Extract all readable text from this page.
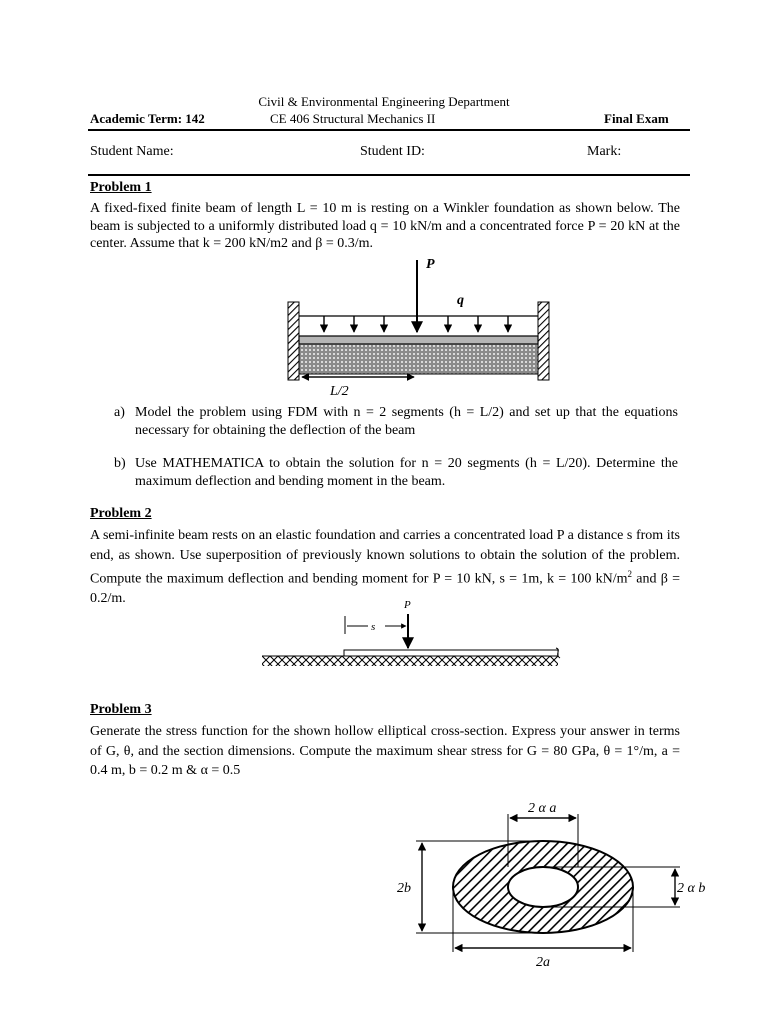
Civil & Environmental Engineering Department
Academic Term: 142	CE 406 Structural Mechanics II	Final Exam
Student Name:	Student ID:	Mark:
Problem 1
A fixed-fixed finite beam of length L = 10 m is resting on a Winkler foundation as shown below. The beam is subjected to a uniformly distributed load q = 10 kN/m and a concentrated force P = 20 kN at the center. Assume that k = 200 kN/m2 and β = 0.3/m.
P
q
L/2
a) Model the problem using FDM with n = 2 segments (h = L/2) and set up that the equations necessary for obtaining the deflection of the beam
b) Use MATHEMATICA to obtain the solution for n = 20 segments (h = L/20). Determine the maximum deflection and bending moment in the beam.
Problem 2
A semi-infinite beam rests on an elastic foundation and carries a concentrated load P a distance s from its end, as shown. Use superposition of previously known solutions to obtain the solution of the problem. Compute the maximum deflection and bending moment for P = 10 kN, s = 1m, k = 100 $kN/m^2$ and β = 0.2/m.	P
s
Problem 3
Generate the stress function for the shown hollow elliptical cross-section. Express your answer in terms of G, θ, and the section dimensions. Compute the maximum shear stress for G = 80 GPa, θ = 1°/m, a = 0.4 m, b = 0.2 m & α = 0.5
2 α a
2b	2 α b
2a
